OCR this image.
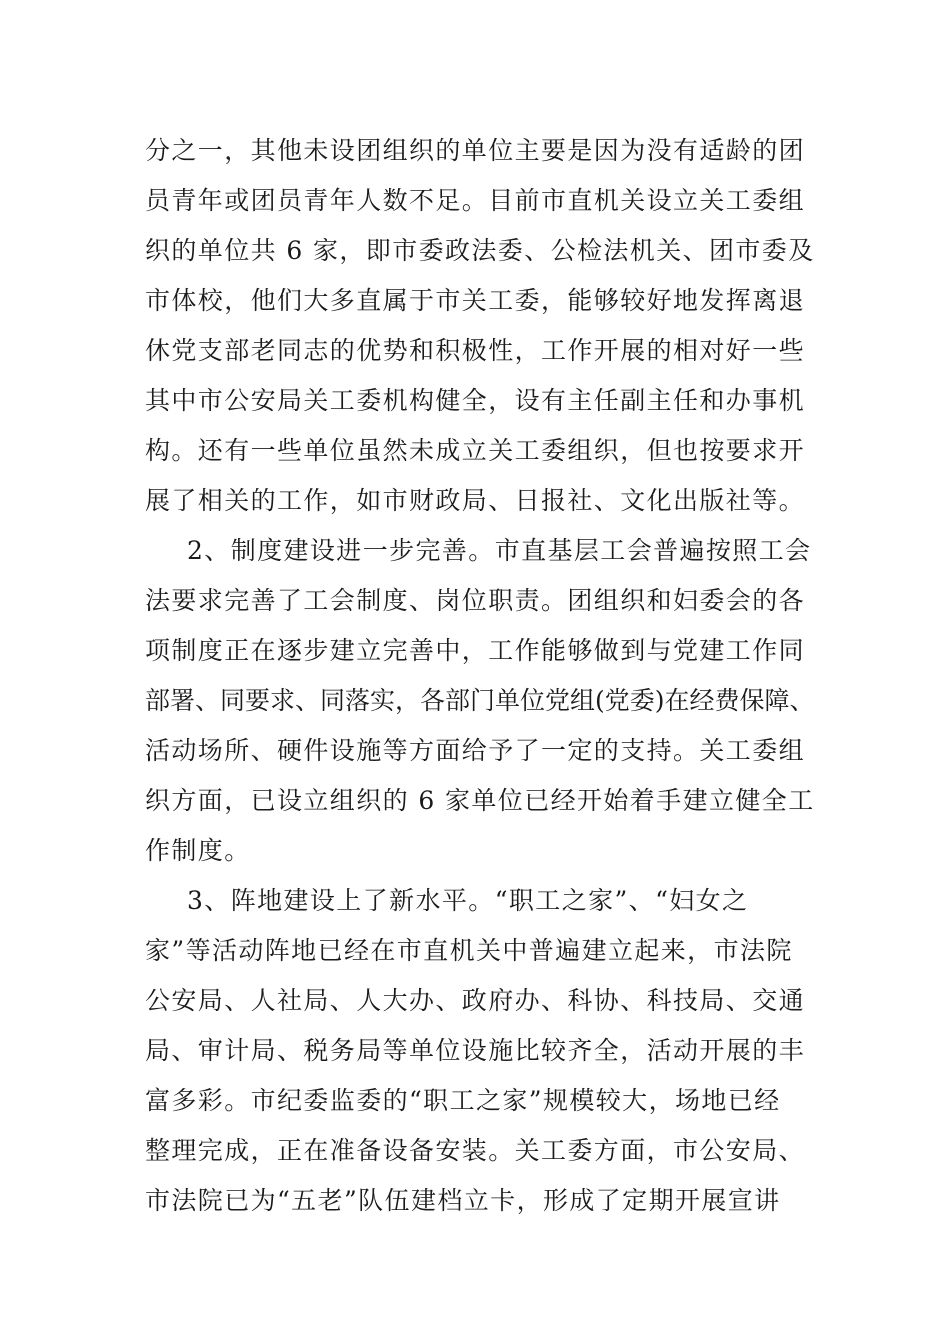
分之一，其他未设团组织的单位主要是因为没有适龄的团
员青年或团员青年人数不足。目前市直机关设立关工委组
织的单位共 6 家，即市委政法委、公检法机关、团市委及
市体校，他们大多直属于市关工委，能够较好地发挥离退
休党支部老同志的优势和积极性，工作开展的相对好一些
其中市公安局关工委机构健全，设有主任副主任和办事机
构。还有一些单位虽然未成立关工委组织，但也按要求开
展了相关的工作，如市财政局、日报社、文化出版社等。
2、制度建设进一步完善。市直基层工会普遍按照工会
法要求完善了工会制度、岗位职责。团组织和妇委会的各
项制度正在逐步建立完善中，工作能够做到与党建工作同
部署、同要求、同落实，各部门单位党组(党委)在经费保障、
活动场所、硬件设施等方面给予了一定的支持。关工委组
织方面，已设立组织的 6 家单位已经开始着手建立健全工
作制度。
3、阵地建设上了新水平。“职工之家”、“妇女之
家”等活动阵地已经在市直机关中普遍建立起来，市法院
公安局、人社局、人大办、政府办、科协、科技局、交通
局、审计局、税务局等单位设施比较齐全，活动开展的丰
富多彩。市纪委监委的“职工之家”规模较大，场地已经
整理完成，正在准备设备安装。关工委方面，市公安局、
市法院已为“五老”队伍建档立卡，形成了定期开展宣讲
